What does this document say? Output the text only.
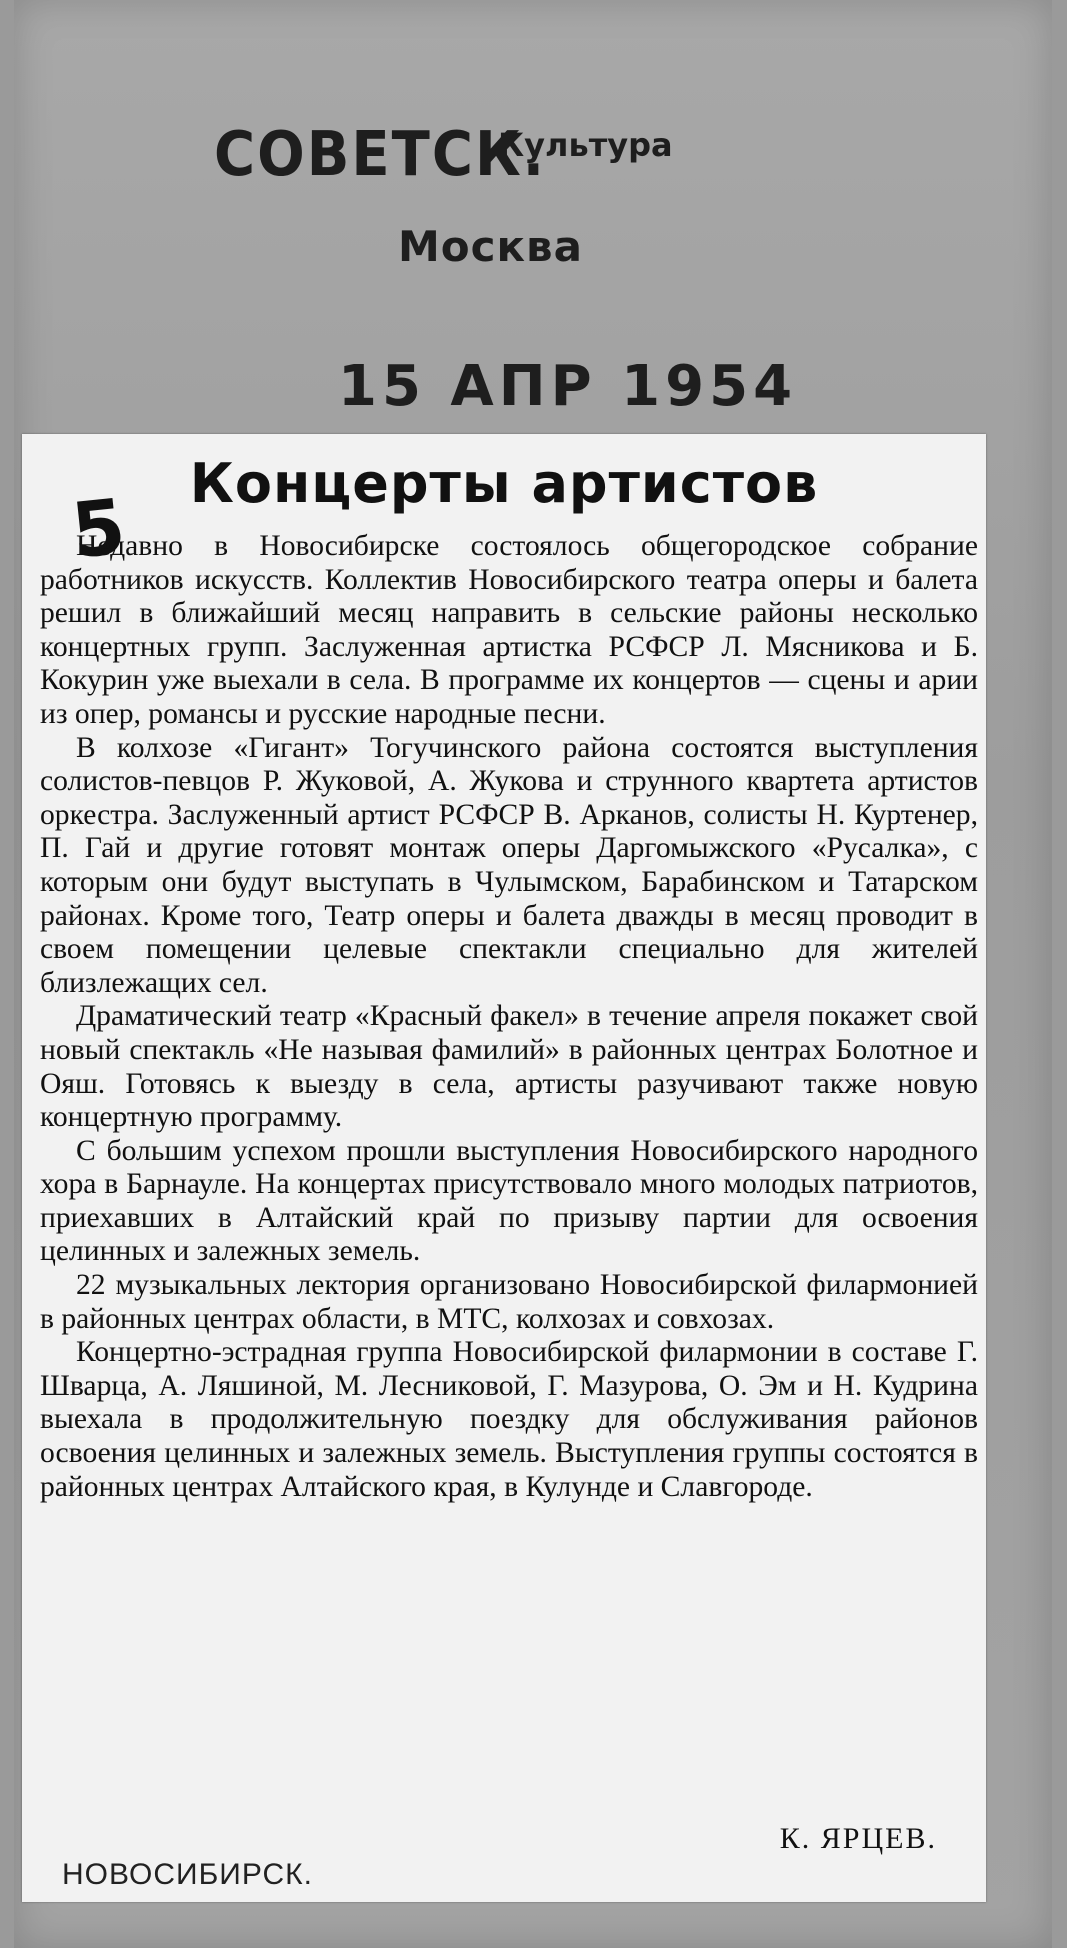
СОВЕТСК.
Культура
Москва
15 АПР 1954
5	Концерты артистов

Недавно в Новосибирске состоялось общегородское собрание работников искусств. Коллектив Новосибирского театра оперы и балета решил в ближайший месяц направить в сельские районы несколько концертных групп. Заслуженная артистка РСФСР Л. Мясникова и Б. Кокурин уже выехали в села. В программе их концертов — сцены и арии из опер, романсы и русские народные песни.

В колхозе «Гигант» Тогучинского района состоятся выступления солистов-певцов Р. Жуковой, А. Жукова и струнного квартета артистов оркестра. Заслуженный артист РСФСР В. Арканов, солисты Н. Куртенер, П. Гай и другие готовят монтаж оперы Даргомыжского «Русалка», с которым они будут выступать в Чулымском, Барабинском и Татарском районах. Кроме того, Театр оперы и балета дважды в месяц проводит в своем помещении целевые спектакли специально для жителей близлежащих сел.

Драматический театр «Красный факел» в течение апреля покажет свой новый спектакль «Не называя фамилий» в районных центрах Болотное и Ояш. Готовясь к выезду в села, артисты разучивают также новую концертную программу.

С большим успехом прошли выступления Новосибирского народного хора в Барнауле. На концертах присутствовало много молодых патриотов, приехавших в Алтайский край по призыву партии для освоения целинных и залежных земель.

22 музыкальных лектория организовано Новосибирской филармонией в районных центрах области, в МТС, колхозах и совхозах.

Концертно-эстрадная группа Новосибирской филармонии в составе Г. Шварца, А. Ляшиной, М. Лесниковой, Г. Мазурова, О. Эм и Н. Кудрина выехала в продолжительную поездку для обслуживания районов освоения целинных и залежных земель. Выступления группы состоятся в районных центрах Алтайского края, в Кулунде и Славгороде.

К. ЯРЦЕВ.
НОВОСИБИРСК.
